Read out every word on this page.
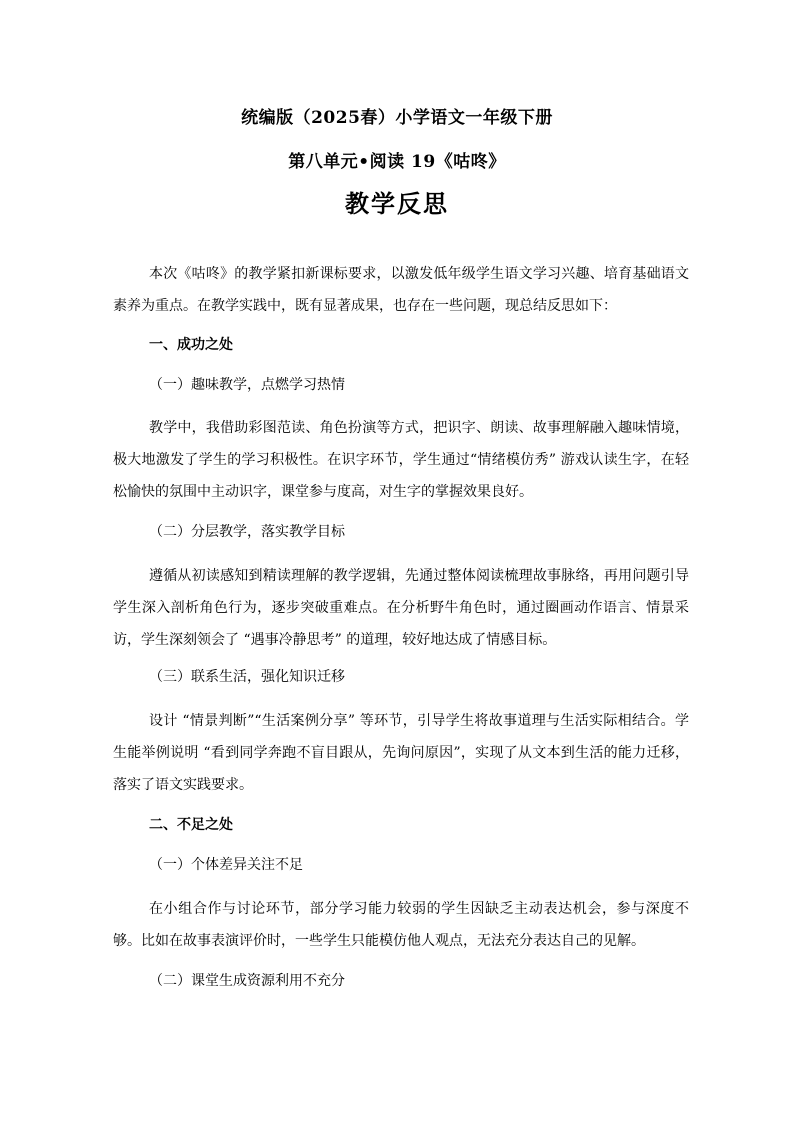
统编版（2025春）小学语文一年级下册
第八单元•阅读 19《咕咚》
教学反思

本次《咕咚》的教学紧扣新课标要求，以激发低年级学生语文学习兴趣、培育基础语文素养为重点。在教学实践中，既有显著成果，也存在一些问题，现总结反思如下：

一、成功之处
（一）趣味教学，点燃学习热情

教学中，我借助彩图范读、角色扮演等方式，把识字、朗读、故事理解融入趣味情境，极大地激发了学生的学习积极性。在识字环节，学生通过“情绪模仿秀” 游戏认读生字，在轻松愉快的氛围中主动识字，课堂参与度高，对生字的掌握效果良好。

（二）分层教学，落实教学目标

遵循从初读感知到精读理解的教学逻辑，先通过整体阅读梳理故事脉络，再用问题引导学生深入剖析角色行为，逐步突破重难点。在分析野牛角色时，通过圈画动作语言、情景采访，学生深刻领会了 “遇事冷静思考” 的道理，较好地达成了情感目标。

（三）联系生活，强化知识迁移

设计 “情景判断”“生活案例分享” 等环节，引导学生将故事道理与生活实际相结合。学生能举例说明 “看到同学奔跑不盲目跟从，先询问原因”，实现了从文本到生活的能力迁移，落实了语文实践要求。

二、不足之处
（一）个体差异关注不足

在小组合作与讨论环节，部分学习能力较弱的学生因缺乏主动表达机会，参与深度不够。比如在故事表演评价时，一些学生只能模仿他人观点，无法充分表达自己的见解。

（二）课堂生成资源利用不充分
